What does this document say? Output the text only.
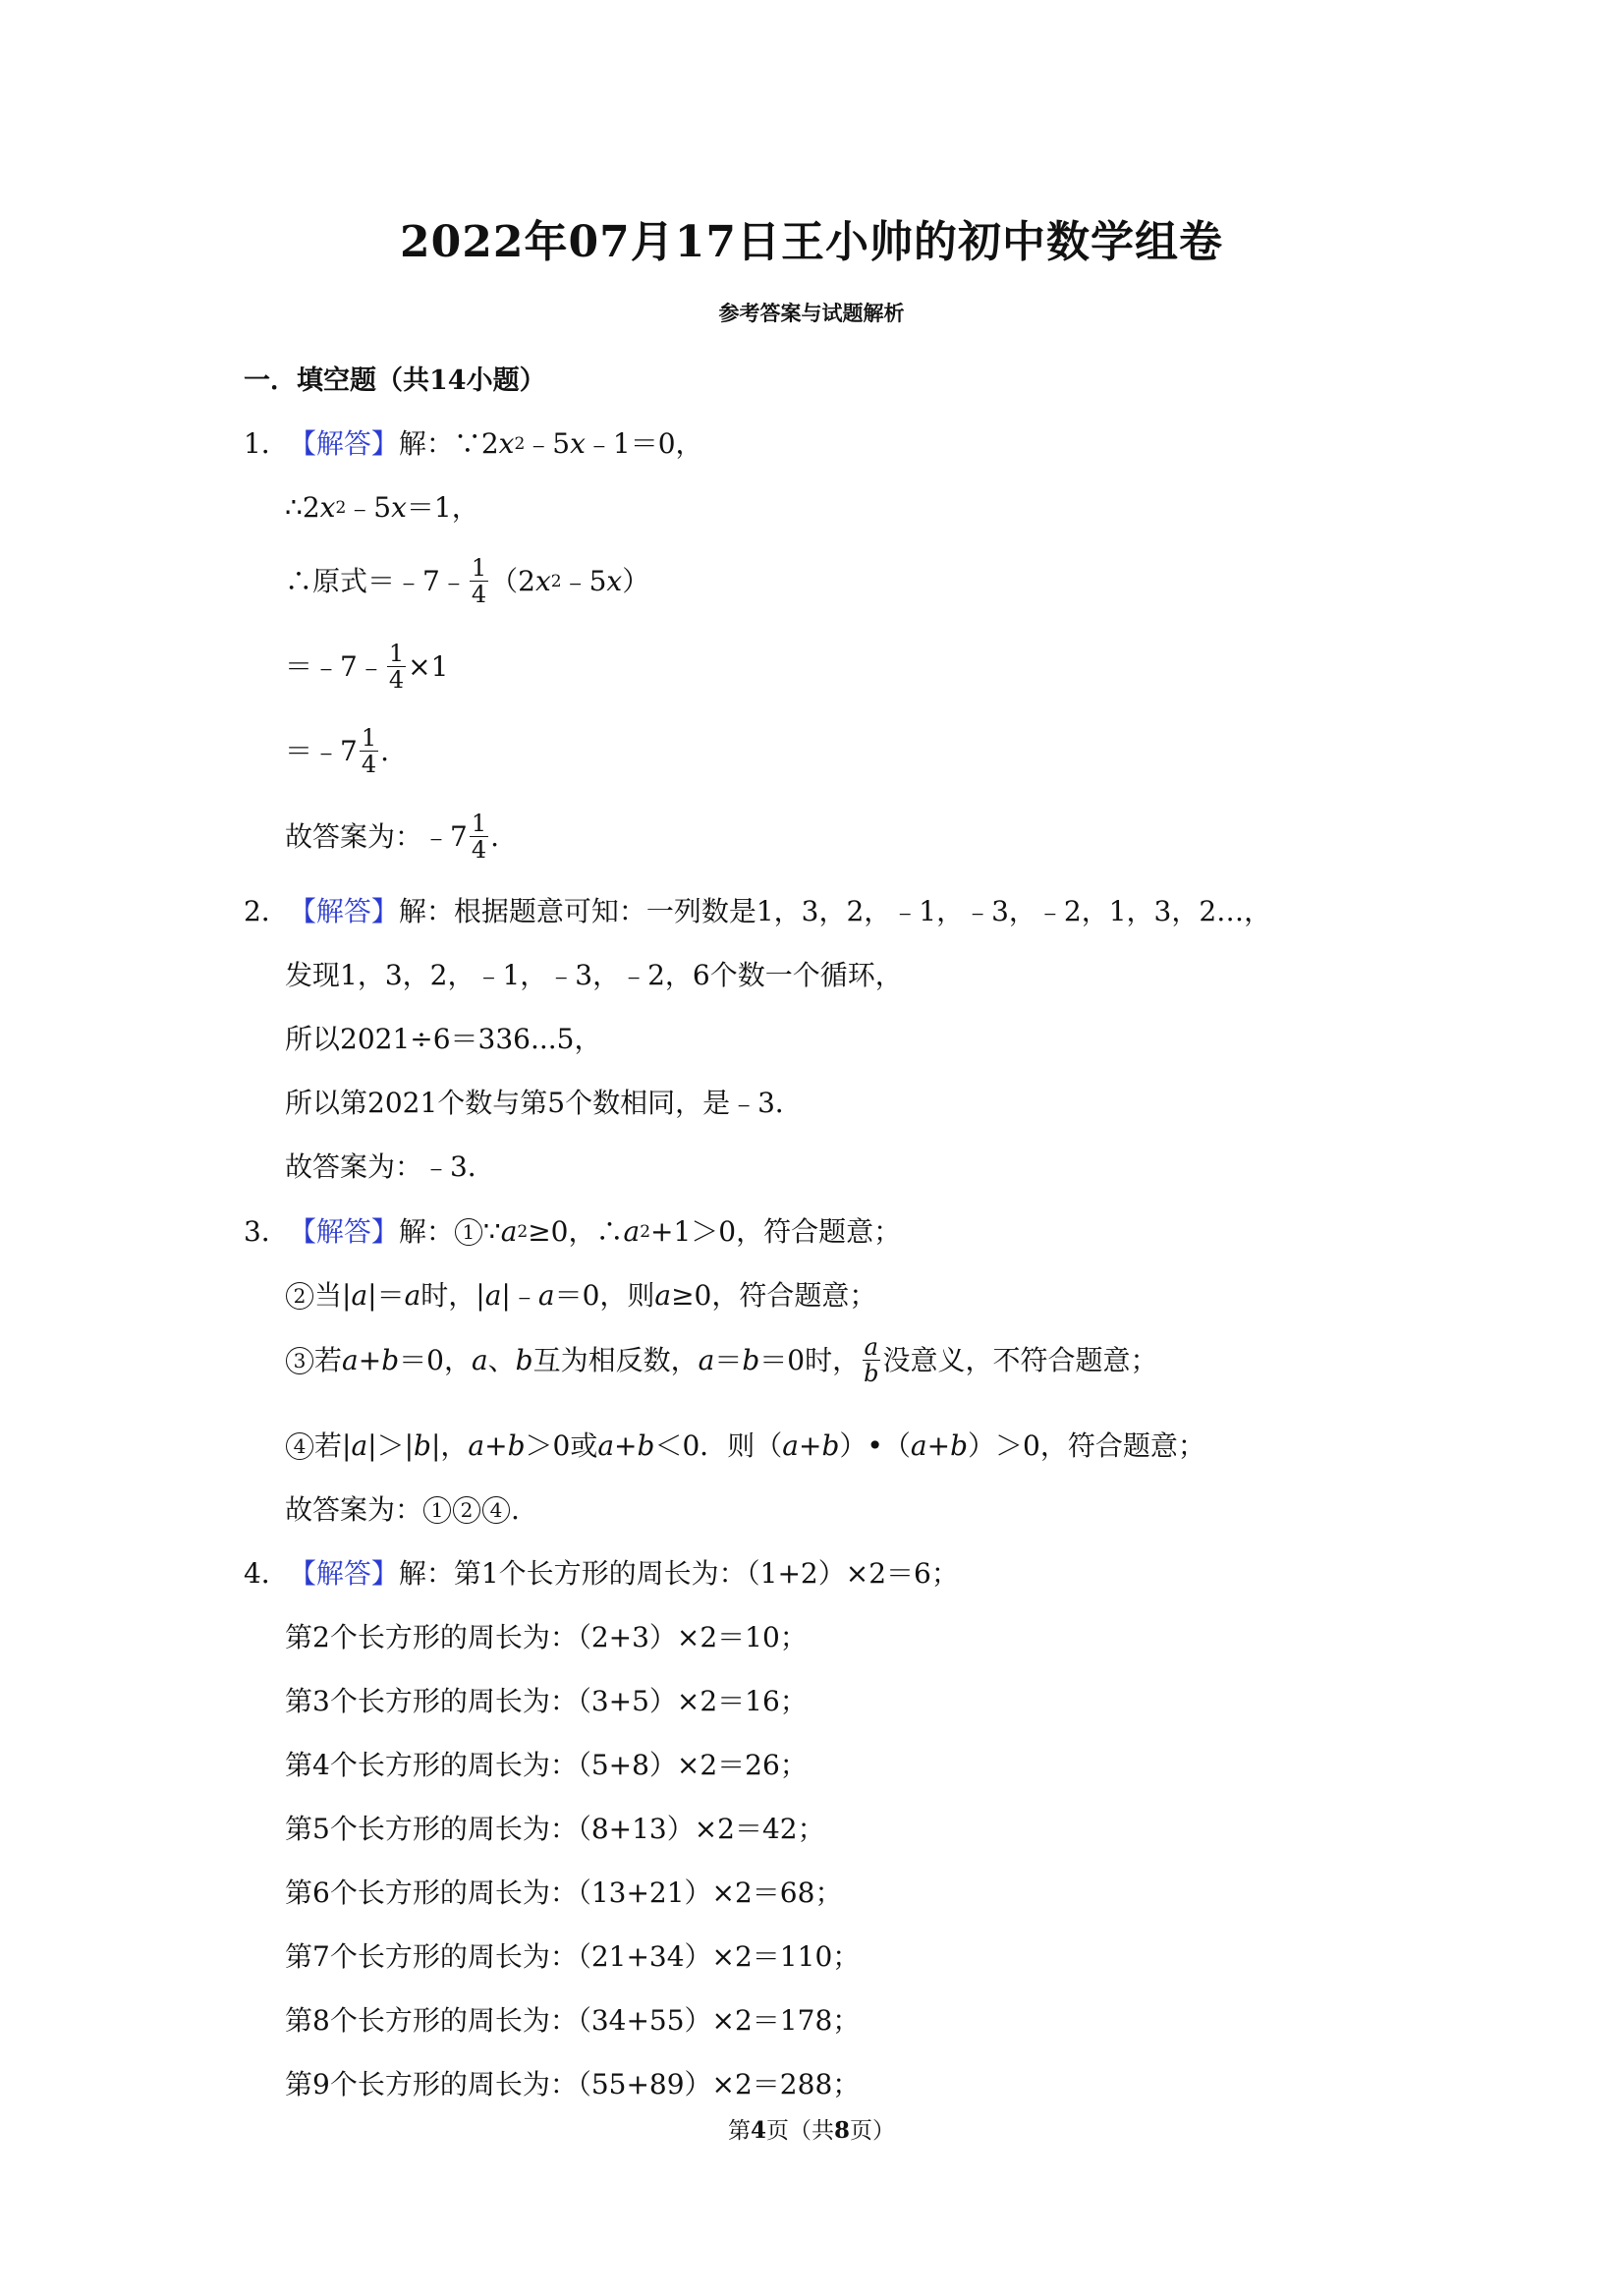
2022年07月17日王小帅的初中数学组卷
参考答案与试题解析
一．填空题（共14小题）
1． 【解答】 解：∵2 x 2 ﹣5 x ﹣1＝0，
∴2 x 2 ﹣5 x ＝1，
∴原式＝﹣7﹣ $\frac{1}{4} (2$ x 2 ﹣5 x ）
＝﹣7﹣ $\frac{1}{4} \times 1$
＝﹣7 $\frac{1}{4}$ .
故答案为：﹣7 $\frac{1}{4}$ .
2． 【解答】 解：根据题意可知：一列数是1，3，2，﹣1，﹣3，﹣2，1，3，2…，
发现1，3，2，﹣1，﹣3，﹣2，6个数一个循环，
所以2021÷6＝336...5，
所以第2021个数与第5个数相同，是﹣3．
故答案为：﹣3．
3． 【解答】 解： 1 ∵ a 2 ≥0，∴ a 2 +1＞0，符合题意；
2 当| a |＝ a 时，| a |﹣ a ＝0，则 a ≥0，符合题意；
3 若 a + b ＝0， a 、 b 互为相反数， a ＝ b ＝0时， $\frac{a}{b}$ 没意义，不符合题意；
4 若| a |＞| b |， a + b ＞0或 a + b ＜0．则（ a + b ）•（ a + b ）＞0，符合题意；
故答案为： 1 2 4 .
4． 【解答】 解：第1个长方形的周长为：（1+2）×2＝6；
第2个长方形的周长为：（2+3）×2＝10；
第3个长方形的周长为：（3+5）×2＝16；
第4个长方形的周长为：（5+8）×2＝26；
第5个长方形的周长为：（8+13）×2＝42；
第6个长方形的周长为：（13+21）×2＝68；
第7个长方形的周长为：（21+34）×2＝110；
第8个长方形的周长为：（34+55）×2＝178；
第9个长方形的周长为：（55+89）×2＝288；
第4页（共8页）
